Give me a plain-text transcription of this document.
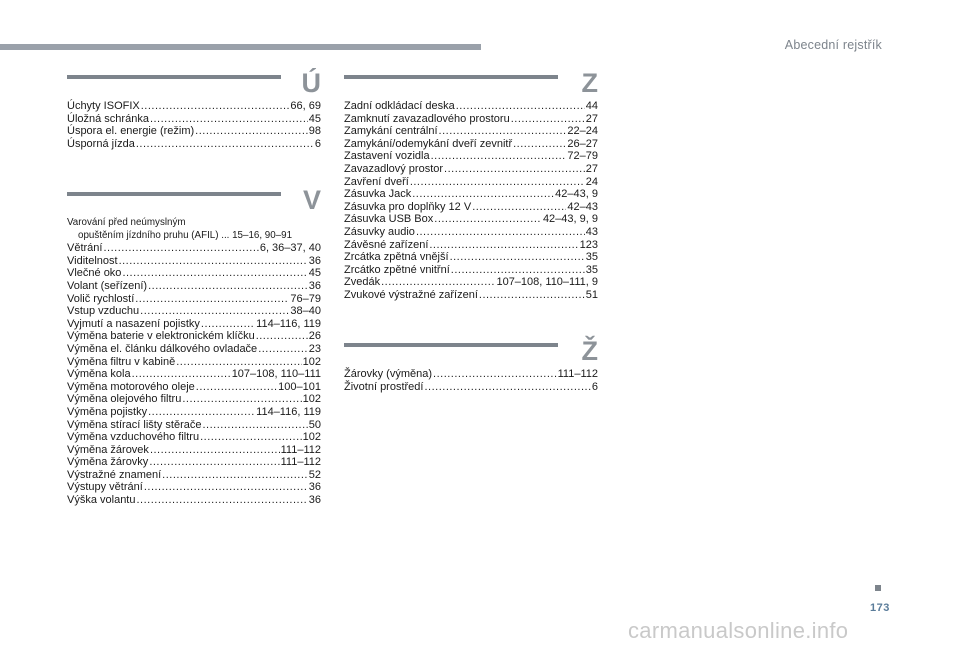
Abecední rejstřík
Ú
Úchyty ISOFIX .....	66, 69
Úložná schránka .....	45
Úspora el. energie (režim) .....	98
Úsporná jízda .....	6
V
Varování před neúmyslným
opuštěním jízdního pruhu (AFIL) ... 15–16, 90–91
Větrání .....	6, 36–37, 40
Viditelnost .....	36
Vlečné oko .....	45
Volant (seřízení) .....	36
Volič rychlostí .....	76–79
Vstup vzduchu .....	38–40
Vyjmutí a nasazení pojistky .....	114–116, 119
Výměna baterie v elektronickém klíčku .....	26
Výměna el. článku dálkového ovladače .....	23
Výměna filtru v kabině .....	102
Výměna kola .....	107–108, 110–111
Výměna motorového oleje .....	100–101
Výměna olejového filtru .....	102
Výměna pojistky .....	114–116, 119
Výměna stírací lišty stěrače .....	50
Výměna vzduchového filtru .....	102
Výměna žárovek .....	111–112
Výměna žárovky .....	111–112
Výstražné znamení .....	52
Výstupy větrání .....	36
Výška volantu .....	36
Z
Zadní odkládací deska .....	44
Zamknutí zavazadlového prostoru .....	27
Zamykání centrální .....	22–24
Zamykání/odemykání dveří zevnitř .....	26–27
Zastavení vozidla .....	72–79
Zavazadlový prostor .....	27
Zavření dveří .....	24
Zásuvka Jack .....	42–43, 9
Zásuvka pro doplňky 12 V .....	42–43
Zásuvka USB Box .....	42–43, 9, 9
Zásuvky audio .....	43
Závěsné zařízení .....	123
Zrcátka zpětná vnější .....	35
Zrcátko zpětné vnitřní .....	35
Zvedák .....	107–108, 110–111, 9
Zvukové výstražné zařízení .....	51
Ž
Žárovky (výměna) .....	111–112
Životní prostředí .....	6
173
carmanualsonline.info
